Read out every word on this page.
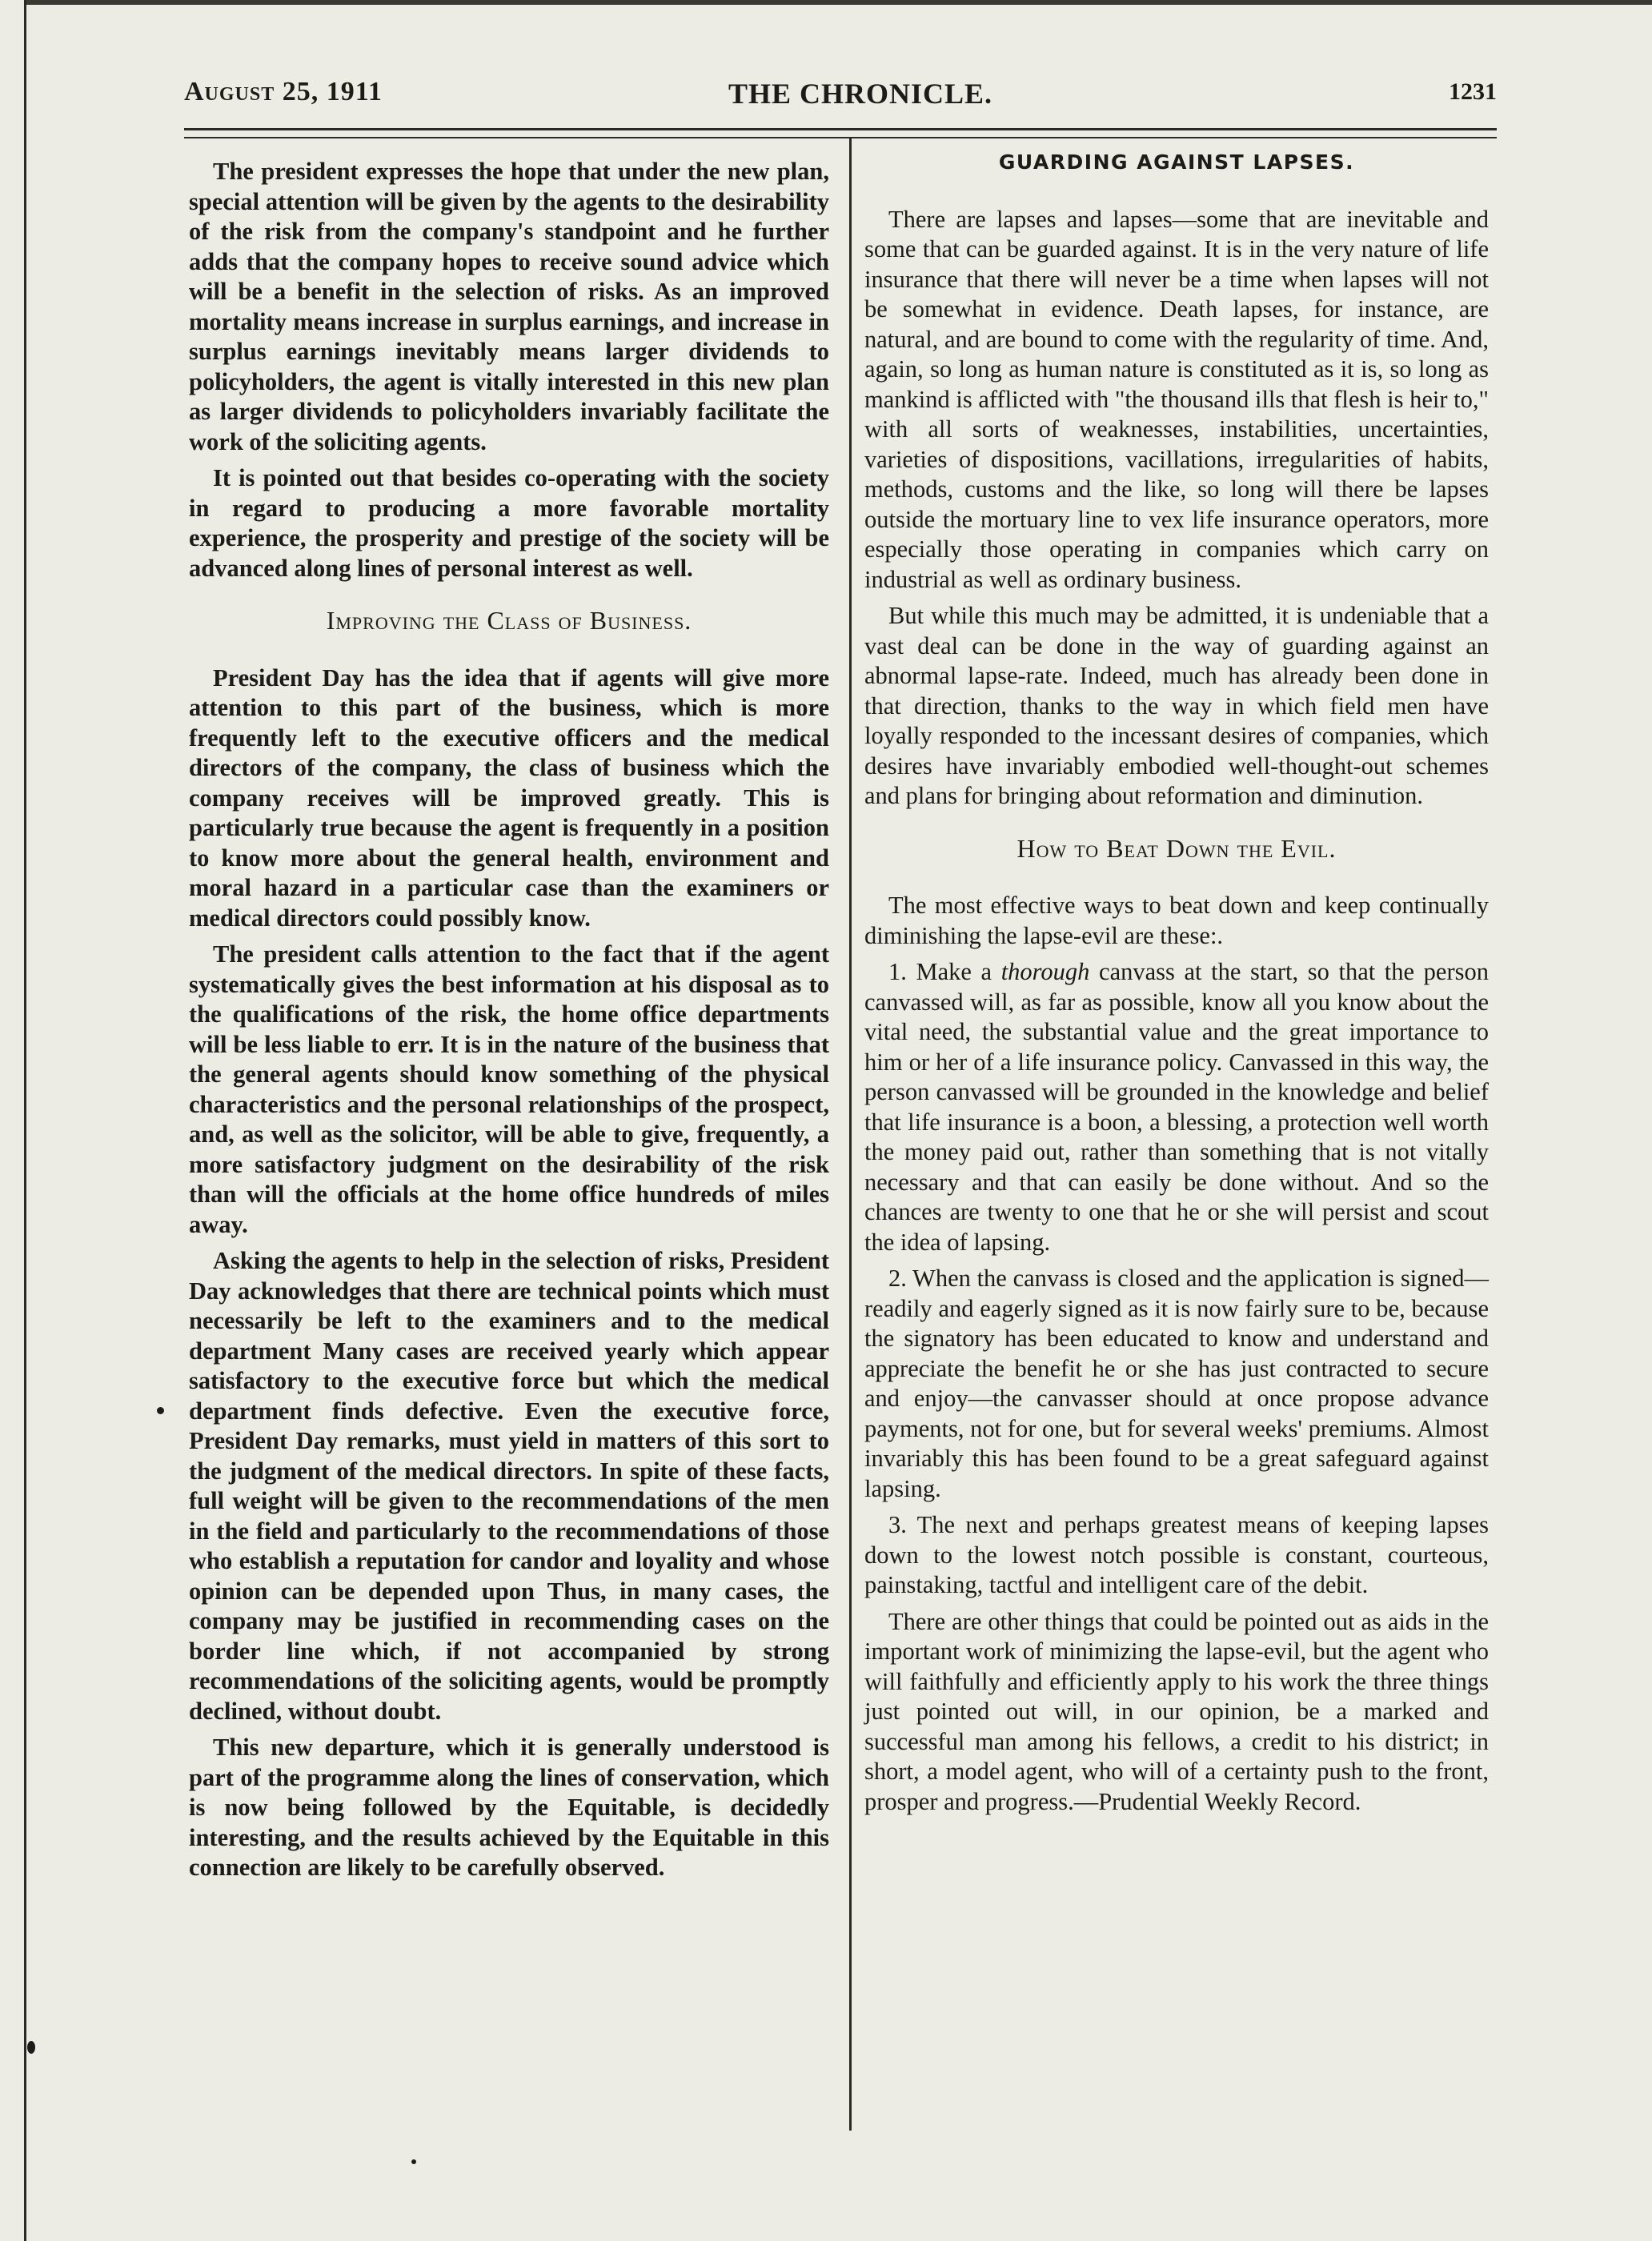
August 25, 1911	THE CHRONICLE.	1231

The president expresses the hope that under the new plan, special attention will be given by the agents to the desirability of the risk from the company's standpoint and he further adds that the company hopes to receive sound advice which will be a benefit in the selection of risks. As an improved mortality means increase in surplus earnings, and increase in surplus earnings inevitably means larger dividends to policyholders, the agent is vitally interested in this new plan as larger dividends to policyholders invariably facilitate the work of the soliciting agents.

It is pointed out that besides co-operating with the society in regard to producing a more favorable mortality experience, the prosperity and prestige of the society will be advanced along lines of personal interest as well.

Improving the Class of Business.

President Day has the idea that if agents will give more attention to this part of the business, which is more frequently left to the executive officers and the medical directors of the company, the class of business which the company receives will be improved greatly. This is particularly true because the agent is frequently in a position to know more about the general health, environment and moral hazard in a particular case than the examiners or medical directors could possibly know.

The president calls attention to the fact that if the agent systematically gives the best information at his disposal as to the qualifications of the risk, the home office departments will be less liable to err. It is in the nature of the business that the general agents should know something of the physical characteristics and the personal relationships of the prospect, and, as well as the solicitor, will be able to give, frequently, a more satisfactory judgment on the desirability of the risk than will the officials at the home office hundreds of miles away.

Asking the agents to help in the selection of risks, President Day acknowledges that there are technical points which must necessarily be left to the examiners and to the medical department Many cases are received yearly which appear satisfactory to the executive force but which the medical department finds defective. Even the executive force, President Day remarks, must yield in matters of this sort to the judgment of the medical directors. In spite of these facts, full weight will be given to the recommendations of the men in the field and particularly to the recommendations of those who establish a reputation for candor and loyality and whose opinion can be depended upon Thus, in many cases, the company may be justified in recommending cases on the border line which, if not accompanied by strong recommendations of the soliciting agents, would be promptly declined, without doubt.

This new departure, which it is generally understood is part of the programme along the lines of conservation, which is now being followed by the Equitable, is decidedly interesting, and the results achieved by the Equitable in this connection are likely to be carefully observed.

GUARDING AGAINST LAPSES.

There are lapses and lapses—some that are inevitable and some that can be guarded against. It is in the very nature of life insurance that there will never be a time when lapses will not be somewhat in evidence. Death lapses, for instance, are natural, and are bound to come with the regularity of time. And, again, so long as human nature is constituted as it is, so long as mankind is afflicted with "the thousand ills that flesh is heir to," with all sorts of weaknesses, instabilities, uncertainties, varieties of dispositions, vacillations, irregularities of habits, methods, customs and the like, so long will there be lapses outside the mortuary line to vex life insurance operators, more especially those operating in companies which carry on industrial as well as ordinary business.

But while this much may be admitted, it is undeniable that a vast deal can be done in the way of guarding against an abnormal lapse-rate. Indeed, much has already been done in that direction, thanks to the way in which field men have loyally responded to the incessant desires of companies, which desires have invariably embodied well-thought-out schemes and plans for bringing about reformation and diminution.

How to Beat Down the Evil.

The most effective ways to beat down and keep continually diminishing the lapse-evil are these:.

1. Make a thorough canvass at the start, so that the person canvassed will, as far as possible, know all you know about the vital need, the substantial value and the great importance to him or her of a life insurance policy. Canvassed in this way, the person canvassed will be grounded in the knowledge and belief that life insurance is a boon, a blessing, a protection well worth the money paid out, rather than something that is not vitally necessary and that can easily be done without. And so the chances are twenty to one that he or she will persist and scout the idea of lapsing.

2. When the canvass is closed and the application is signed—readily and eagerly signed as it is now fairly sure to be, because the signatory has been educated to know and understand and appreciate the benefit he or she has just contracted to secure and enjoy—the canvasser should at once propose advance payments, not for one, but for several weeks' premiums. Almost invariably this has been found to be a great safeguard against lapsing.

3. The next and perhaps greatest means of keeping lapses down to the lowest notch possible is constant, courteous, painstaking, tactful and intelligent care of the debit.

There are other things that could be pointed out as aids in the important work of minimizing the lapse-evil, but the agent who will faithfully and efficiently apply to his work the three things just pointed out will, in our opinion, be a marked and successful man among his fellows, a credit to his district; in short, a model agent, who will of a certainty push to the front, prosper and progress.—Prudential Weekly Record.
